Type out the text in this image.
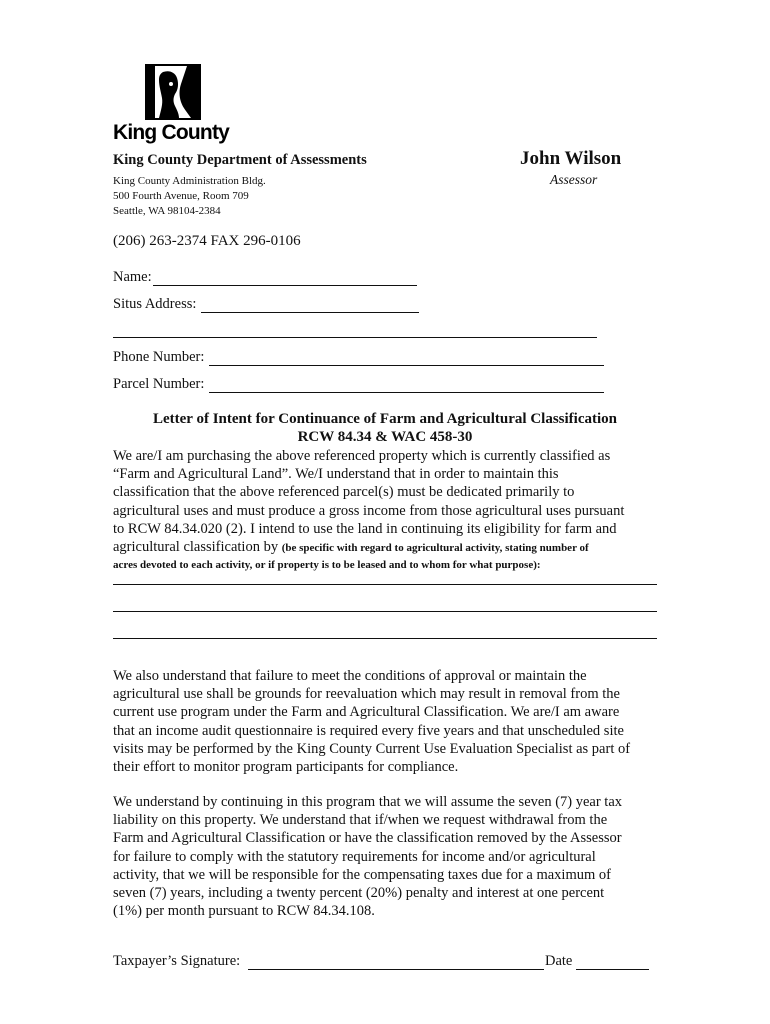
King County
King County Department of Assessments
King County Administration Bldg.
500 Fourth Avenue, Room 709
Seattle, WA 98104-2384
John Wilson
Assessor
(206) 263-2374 FAX 296-0106
Name:
Situs Address:
Phone Number:
Parcel Number:
Letter of Intent for Continuance of Farm and Agricultural Classification
RCW 84.34 & WAC 458-30
We are/I am purchasing the above referenced property which is currently classified as
“Farm and Agricultural Land”. We/I understand that in order to maintain this
classification that the above referenced parcel(s) must be dedicated primarily to
agricultural uses and must produce a gross income from those agricultural uses pursuant
to RCW 84.34.020 (2). I intend to use the land in continuing its eligibility for farm and
agricultural classification by (be specific with regard to agricultural activity, stating number of
acres devoted to each activity, or if property is to be leased and to whom for what purpose):
We also understand that failure to meet the conditions of approval or maintain the
agricultural use shall be grounds for reevaluation which may result in removal from the
current use program under the Farm and Agricultural Classification. We are/I am aware
that an income audit questionnaire is required every five years and that unscheduled site
visits may be performed by the King County Current Use Evaluation Specialist as part of
their effort to monitor program participants for compliance.
We understand by continuing in this program that we will assume the seven (7) year tax
liability on this property. We understand that if/when we request withdrawal from the
Farm and Agricultural Classification or have the classification removed by the Assessor
for failure to comply with the statutory requirements for income and/or agricultural
activity, that we will be responsible for the compensating taxes due for a maximum of
seven (7) years, including a twenty percent (20%) penalty and interest at one percent
(1%) per month pursuant to RCW 84.34.108.
Taxpayer’s Signature:	Date
